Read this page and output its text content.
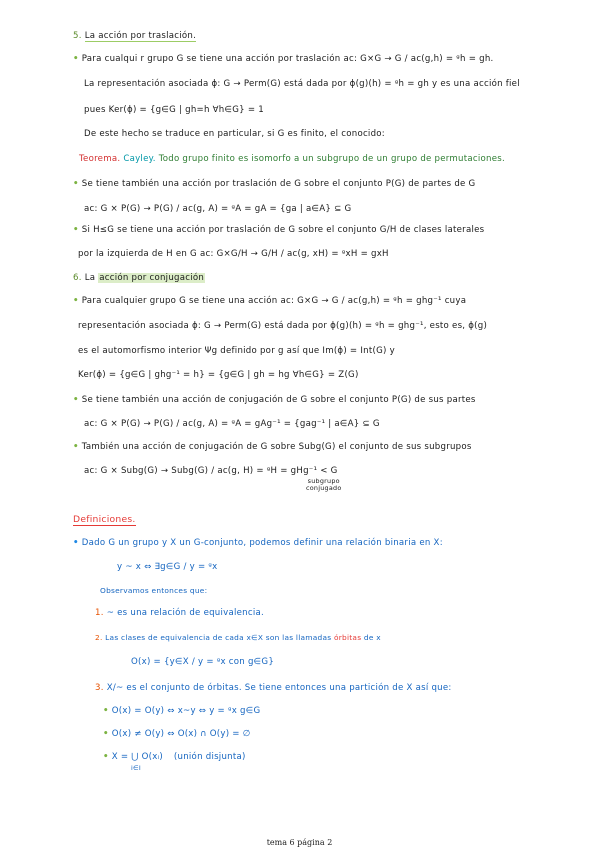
5. La acción por traslación.
• Para cualqui r grupo G se tiene una acción por traslación ac: G×G → G / ac(g,h) = ᵍh = gh.
La representación asociada ϕ: G → Perm(G) está dada por ϕ(g)(h) = ᵍh = gh y es una acción fiel
pues Ker(ϕ) = {g∈G | gh=h ∀h∈G} = 1
De este hecho se traduce en particular, si G es finito, el conocido:
Teorema. Cayley. Todo grupo finito es isomorfo a un subgrupo de un grupo de permutaciones.
• Se tiene también una acción por traslación de G sobre el conjunto P(G) de partes de G
ac: G × P(G) → P(G) / ac(g, A) = ᵍA = gA = {ga | a∈A} ⊆ G
• Si H≤G se tiene una acción por traslación de G sobre el conjunto G/H de clases laterales
por la izquierda de H en G ac: G×G/H → G/H / ac(g, xH) = ᵍxH = gxH
6. La acción por conjugación
• Para cualquier grupo G se tiene una acción ac: G×G → G / ac(g,h) = ᵍh = ghg⁻¹ cuya
representación asociada ϕ: G → Perm(G) está dada por ϕ(g)(h) = ᵍh = ghg⁻¹, esto es, ϕ(g)
es el automorfismo interior Ψg definido por g así que Im(ϕ) = Int(G) y
Ker(ϕ) = {g∈G | ghg⁻¹ = h} = {g∈G | gh = hg ∀h∈G} = Z(G)
• Se tiene también una acción de conjugación de G sobre el conjunto P(G) de sus partes
ac: G × P(G) → P(G) / ac(g, A) = ᵍA = gAg⁻¹ = {gag⁻¹ | a∈A} ⊆ G
• También una acción de conjugación de G sobre Subg(G) el conjunto de sus subgrupos
ac: G × Subg(G) → Subg(G) / ac(g, H) = ᵍH = gHg⁻¹ < G
subgrupo
conjugado
Definiciones.
• Dado G un grupo y X un G-conjunto, podemos definir una relación binaria en X:
y ~ x ⇔ ∃g∈G / y = ᵍx
Observamos entonces que:
1. ~ es una relación de equivalencia.
2. Las clases de equivalencia de cada x∈X son las llamadas órbitas de x
O(x) = {y∈X / y = ᵍx con g∈G}
3. X/~ es el conjunto de órbitas. Se tiene entonces una partición de X así que:
• O(x) = O(y) ⇔ x~y ⇔ y = ᵍx g∈G
• O(x) ≠ O(y) ⇔ O(x) ∩ O(y) = ∅
• X = ⋃ O(xᵢ) (unión disjunta)
i∈I
tema 6 página 2
